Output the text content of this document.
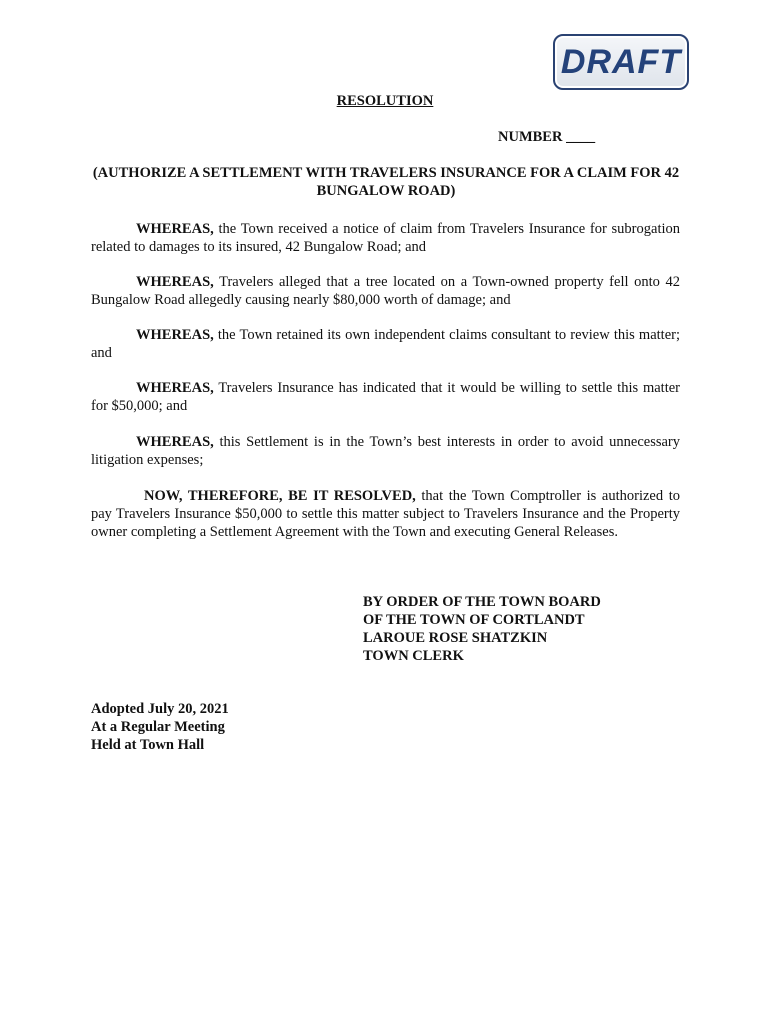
DRAFT
RESOLUTION
NUMBER ____
(AUTHORIZE A SETTLEMENT WITH TRAVELERS INSURANCE FOR A CLAIM FOR 42 BUNGALOW ROAD)

WHEREAS, the Town received a notice of claim from Travelers Insurance for subrogation related to damages to its insured, 42 Bungalow Road; and

WHEREAS, Travelers alleged that a tree located on a Town-owned property fell onto 42 Bungalow Road allegedly causing nearly $80,000 worth of damage; and

WHEREAS, the Town retained its own independent claims consultant to review this matter; and

WHEREAS, Travelers Insurance has indicated that it would be willing to settle this matter for $50,000; and

WHEREAS, this Settlement is in the Town’s best interests in order to avoid unnecessary litigation expenses;

NOW, THEREFORE, BE IT RESOLVED, that the Town Comptroller is authorized to pay Travelers Insurance $50,000 to settle this matter subject to Travelers Insurance and the Property owner completing a Settlement Agreement with the Town and executing General Releases.

BY ORDER OF THE TOWN BOARD
OF THE TOWN OF CORTLANDT
LAROUE ROSE SHATZKIN
TOWN CLERK
Adopted July 20, 2021
At a Regular Meeting
Held at Town Hall
